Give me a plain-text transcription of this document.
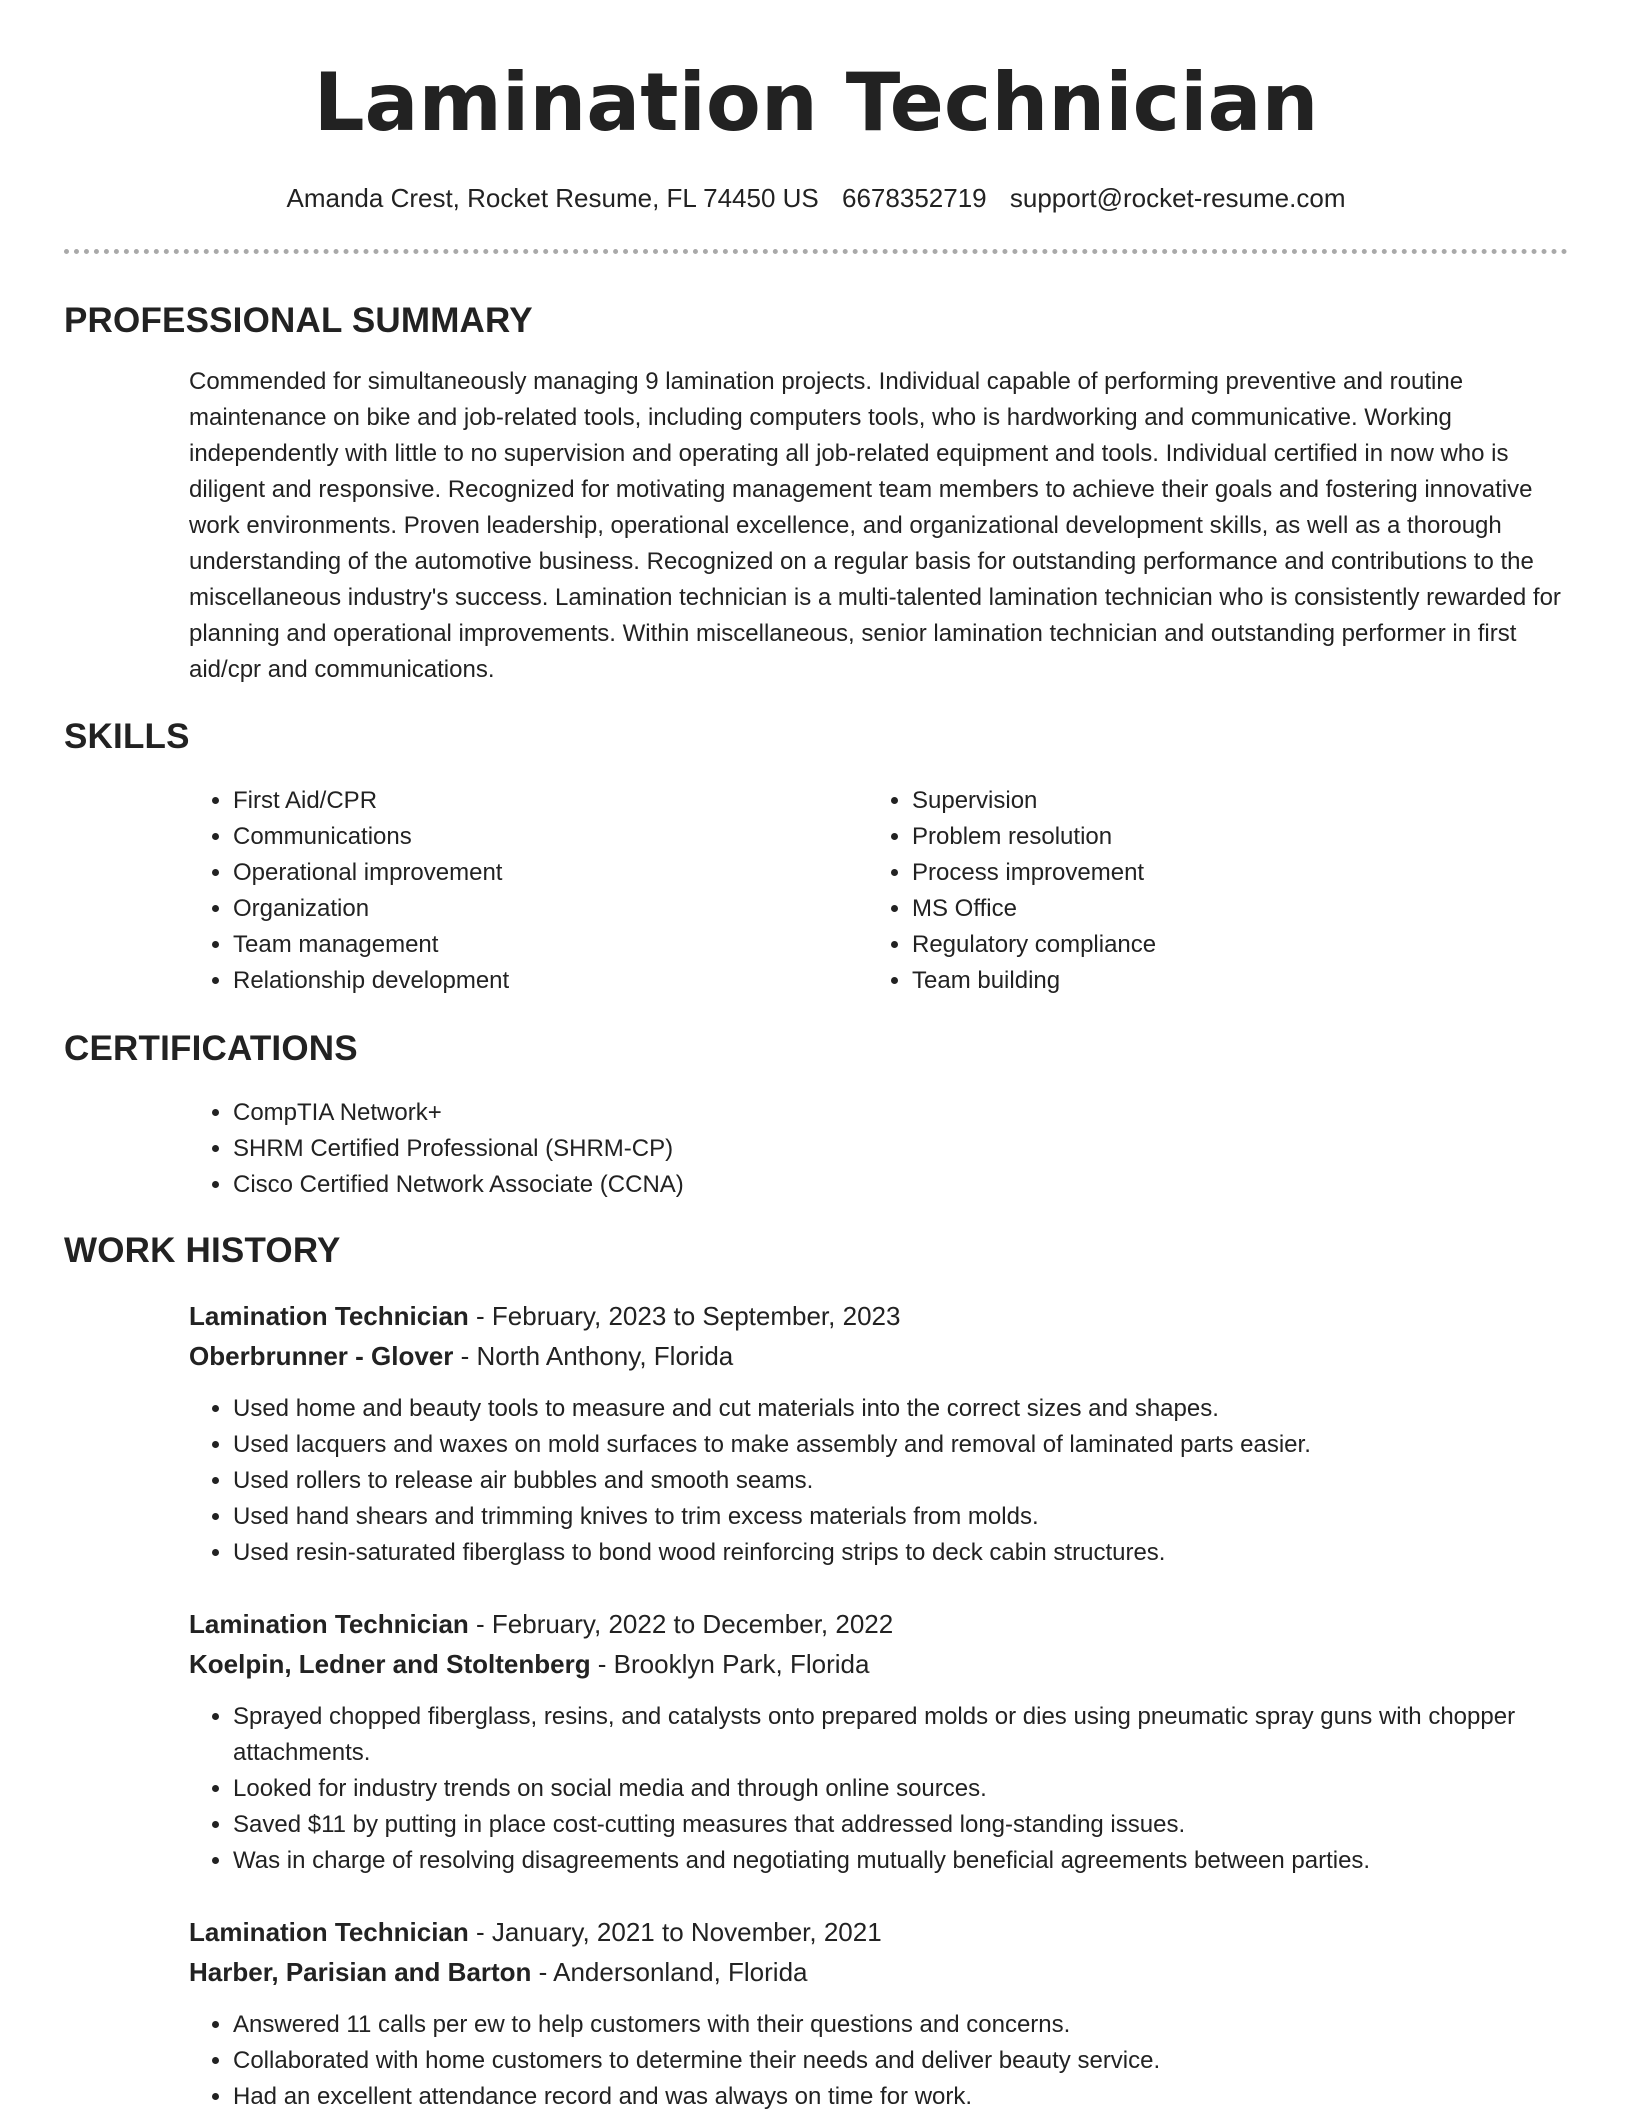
Lamination Technician
Amanda Crest, Rocket Resume, FL 74450 US 6678352719 support@rocket-resume.com
PROFESSIONAL SUMMARY

Commended for simultaneously managing 9 lamination projects. Individual capable of performing preventive and routine maintenance on bike and job-related tools, including computers tools, who is hardworking and communicative. Working independently with little to no supervision and operating all job-related equipment and tools. Individual certified in now who is diligent and responsive. Recognized for motivating management team members to achieve their goals and fostering innovative work environments. Proven leadership, operational excellence, and organizational development skills, as well as a thorough understanding of the automotive business. Recognized on a regular basis for outstanding performance and contributions to the miscellaneous industry's success. Lamination technician is a multi-talented lamination technician who is consistently rewarded for planning and operational improvements. Within miscellaneous, senior lamination technician and outstanding performer in first aid/cpr and communications.

SKILLS
• First Aid/CPR
• Communications
• Operational improvement
• Organization
• Team management
• Relationship development
• Supervision
• Problem resolution
• Process improvement
• MS Office
• Regulatory compliance
• Team building
CERTIFICATIONS
• CompTIA Network+
• SHRM Certified Professional (SHRM-CP)
• Cisco Certified Network Associate (CCNA)
WORK HISTORY
Lamination Technician - February, 2023 to September, 2023
Oberbrunner - Glover - North Anthony, Florida
• Used home and beauty tools to measure and cut materials into the correct sizes and shapes.
• Used lacquers and waxes on mold surfaces to make assembly and removal of laminated parts easier.
• Used rollers to release air bubbles and smooth seams.
• Used hand shears and trimming knives to trim excess materials from molds.
• Used resin-saturated fiberglass to bond wood reinforcing strips to deck cabin structures.
Lamination Technician - February, 2022 to December, 2022
Koelpin, Ledner and Stoltenberg - Brooklyn Park, Florida
• Sprayed chopped fiberglass, resins, and catalysts onto prepared molds or dies using pneumatic spray guns with chopper attachments.
• Looked for industry trends on social media and through online sources.
• Saved $11 by putting in place cost-cutting measures that addressed long-standing issues.
• Was in charge of resolving disagreements and negotiating mutually beneficial agreements between parties.
Lamination Technician - January, 2021 to November, 2021
Harber, Parisian and Barton - Andersonland, Florida
• Answered 11 calls per ew to help customers with their questions and concerns.
• Collaborated with home customers to determine their needs and deliver beauty service.
• Had an excellent attendance record and was always on time for work.
